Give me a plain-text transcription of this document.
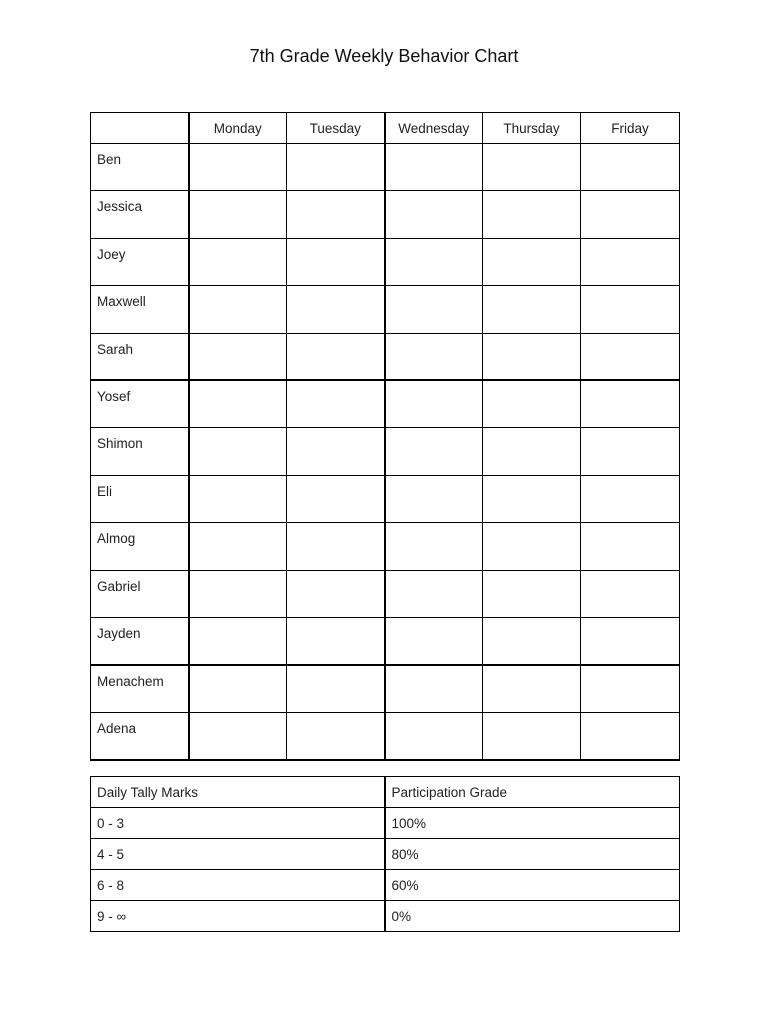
7th Grade Weekly Behavior Chart
	Monday	Tuesday	Wednesday	Thursday	Friday
Ben					
Jessica					
Joey					
Maxwell					
Sarah					
Yosef					
Shimon					
Eli					
Almog					
Gabriel					
Jayden					
Menachem					
Adena					
Daily Tally Marks	Participation Grade
0 - 3	100%
4 - 5	80%
6 - 8	60%
9 - ∞	0%
